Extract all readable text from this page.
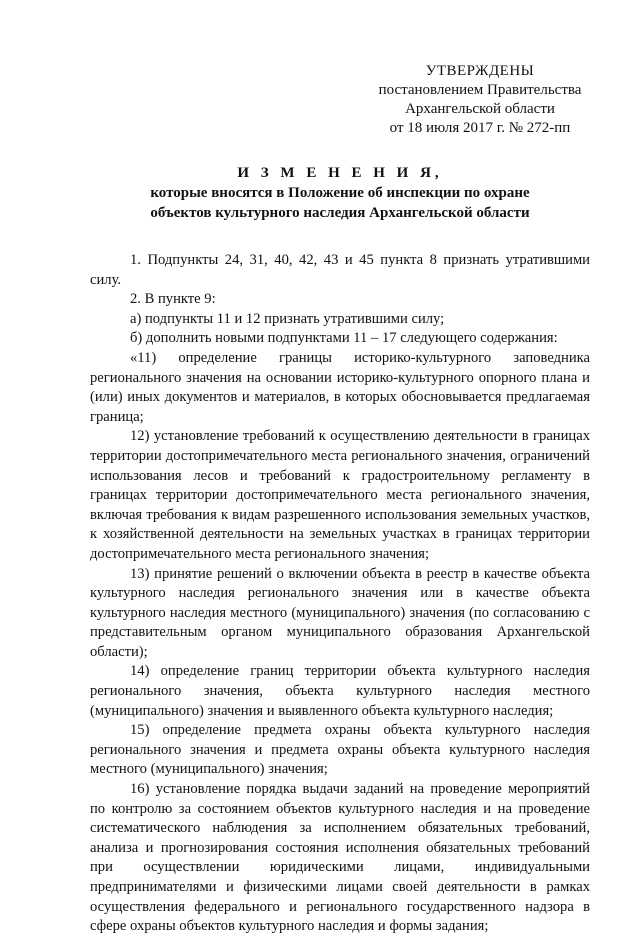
УТВЕРЖДЕНЫ
постановлением Правительства
Архангельской области
от 18 июля 2017 г. № 272-пп
И З М Е Н Е Н И Я,
которые вносятся в Положение об инспекции по охране
объектов культурного наследия Архангельской области

1. Подпункты 24, 31, 40, 42, 43 и 45 пункта 8 признать утратившими силу.

2. В пункте 9:

а) подпункты 11 и 12 признать утратившими силу;

б) дополнить новыми подпунктами 11 – 17 следующего содержания:

«11) определение границы историко-культурного заповедника регионального значения на основании историко-культурного опорного плана и (или) иных документов и материалов, в которых обосновывается предлагаемая граница;

12) установление требований к осуществлению деятельности в границах территории достопримечательного места регионального значения, ограничений использования лесов и требований к градостроительному регламенту в границах территории достопримечательного места регионального значения, включая требования к видам разрешенного использования земельных участков, к хозяйственной деятельности на земельных участках в границах территории достопримечательного места регионального значения;

13) принятие решений о включении объекта в реестр в качестве объекта культурного наследия регионального значения или в качестве объекта культурного наследия местного (муниципального) значения (по согласованию с представительным органом муниципального образования Архангельской области);

14) определение границ территории объекта культурного наследия регионального значения, объекта культурного наследия местного (муниципального) значения и выявленного объекта культурного наследия;

15) определение предмета охраны объекта культурного наследия регионального значения и предмета охраны объекта культурного наследия местного (муниципального) значения;

16) установление порядка выдачи заданий на проведение мероприятий по контролю за состоянием объектов культурного наследия и на проведение систематического наблюдения за исполнением обязательных требований, анализа и прогнозирования состояния исполнения обязательных требований при осуществлении юридическими лицами, индивидуальными предпринимателями и физическими лицами своей деятельности в рамках осуществления федерального и регионального государственного надзора в сфере охраны объектов культурного наследия и формы задания;
